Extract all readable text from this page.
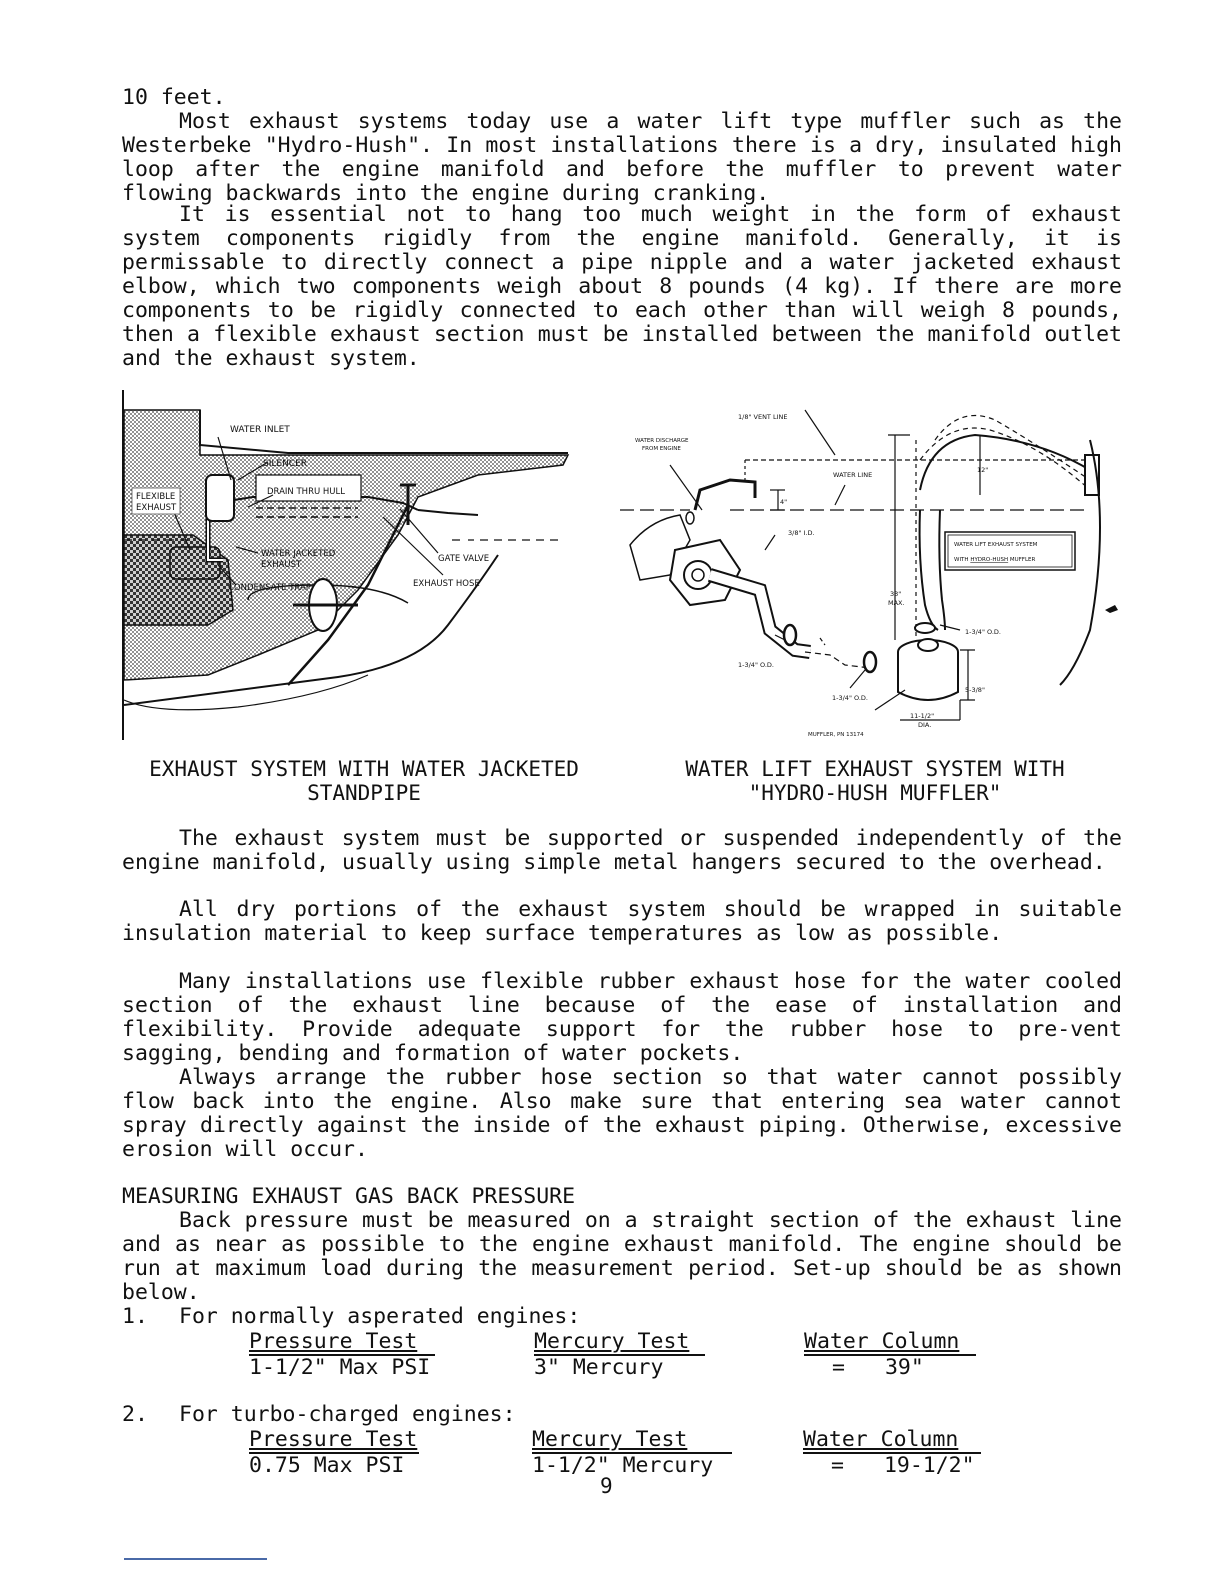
10 feet.

Most exhaust systems today use a water lift type muffler such as the Westerbeke "Hydro-Hush". In most installations there is a dry, insulated high loop after the engine manifold and before the muffler to prevent water flowing backwards into the engine during cranking.

It is essential not to hang too much weight in the form of exhaust system components rigidly from the engine manifold. Generally, it is permissable to directly connect a pipe nipple and a water jacketed exhaust elbow, which two components weigh about 8 pounds (4 kg). If there are more components to be rigidly connected to each other than will weigh 8 pounds, then a flexible exhaust section must be installed between the manifold outlet and the exhaust system.

WATER INLET
SILENCER
FLEXIBLE
EXHAUST
DRAIN THRU HULL
WATER JACKETED
EXHAUST
CONDENSATE TRAP
GATE VALVE
EXHAUST HOSE
1/8" VENT LINE
WATER DISCHARGE
FROM ENGINE
WATER LINE
12"
4"
3/8" I.D.
WATER LIFT EXHAUST SYSTEM
WITH HYDRO-HUSH MUFFLER
33"
MAX.
1-3/4" O.D.
1-3/4" O.D.
1-3/4" O.D.
5-3/8"
11-1/2"
DIA.
MUFFLER, PN 13174
EXHAUST SYSTEM WITH WATER JACKETED
STANDPIPE
WATER LIFT EXHAUST SYSTEM WITH
"HYDRO-HUSH MUFFLER"

The exhaust system must be supported or suspended independently of the engine manifold, usually using simple metal hangers secured to the overhead.

All dry portions of the exhaust system should be wrapped in suitable insulation material to keep surface temperatures as low as possible.

Many installations use flexible rubber exhaust hose for the water cooled section of the exhaust line because of the ease of installation and flexibility. Provide adequate support for the rubber hose to pre-vent sagging, bending and formation of water pockets.

Always arrange the rubber hose section so that water cannot possibly flow back into the engine. Also make sure that entering sea water cannot spray directly against the inside of the exhaust piping. Otherwise, excessive erosion will occur.

MEASURING EXHAUST GAS BACK PRESSURE

Back pressure must be measured on a straight section of the exhaust line and as near as possible to the engine exhaust manifold. The engine should be run at maximum load during the measurement period. Set-up should be as shown below.

1. For normally asperated engines:
Pressure Test	Mercury Test	Water Column
1-1/2" Max PSI	3" Mercury	= 39"
2. For turbo-charged engines:
Pressure Test	Mercury Test	Water Column
0.75 Max PSI	1-1/2" Mercury	= 19-1/2"
9
